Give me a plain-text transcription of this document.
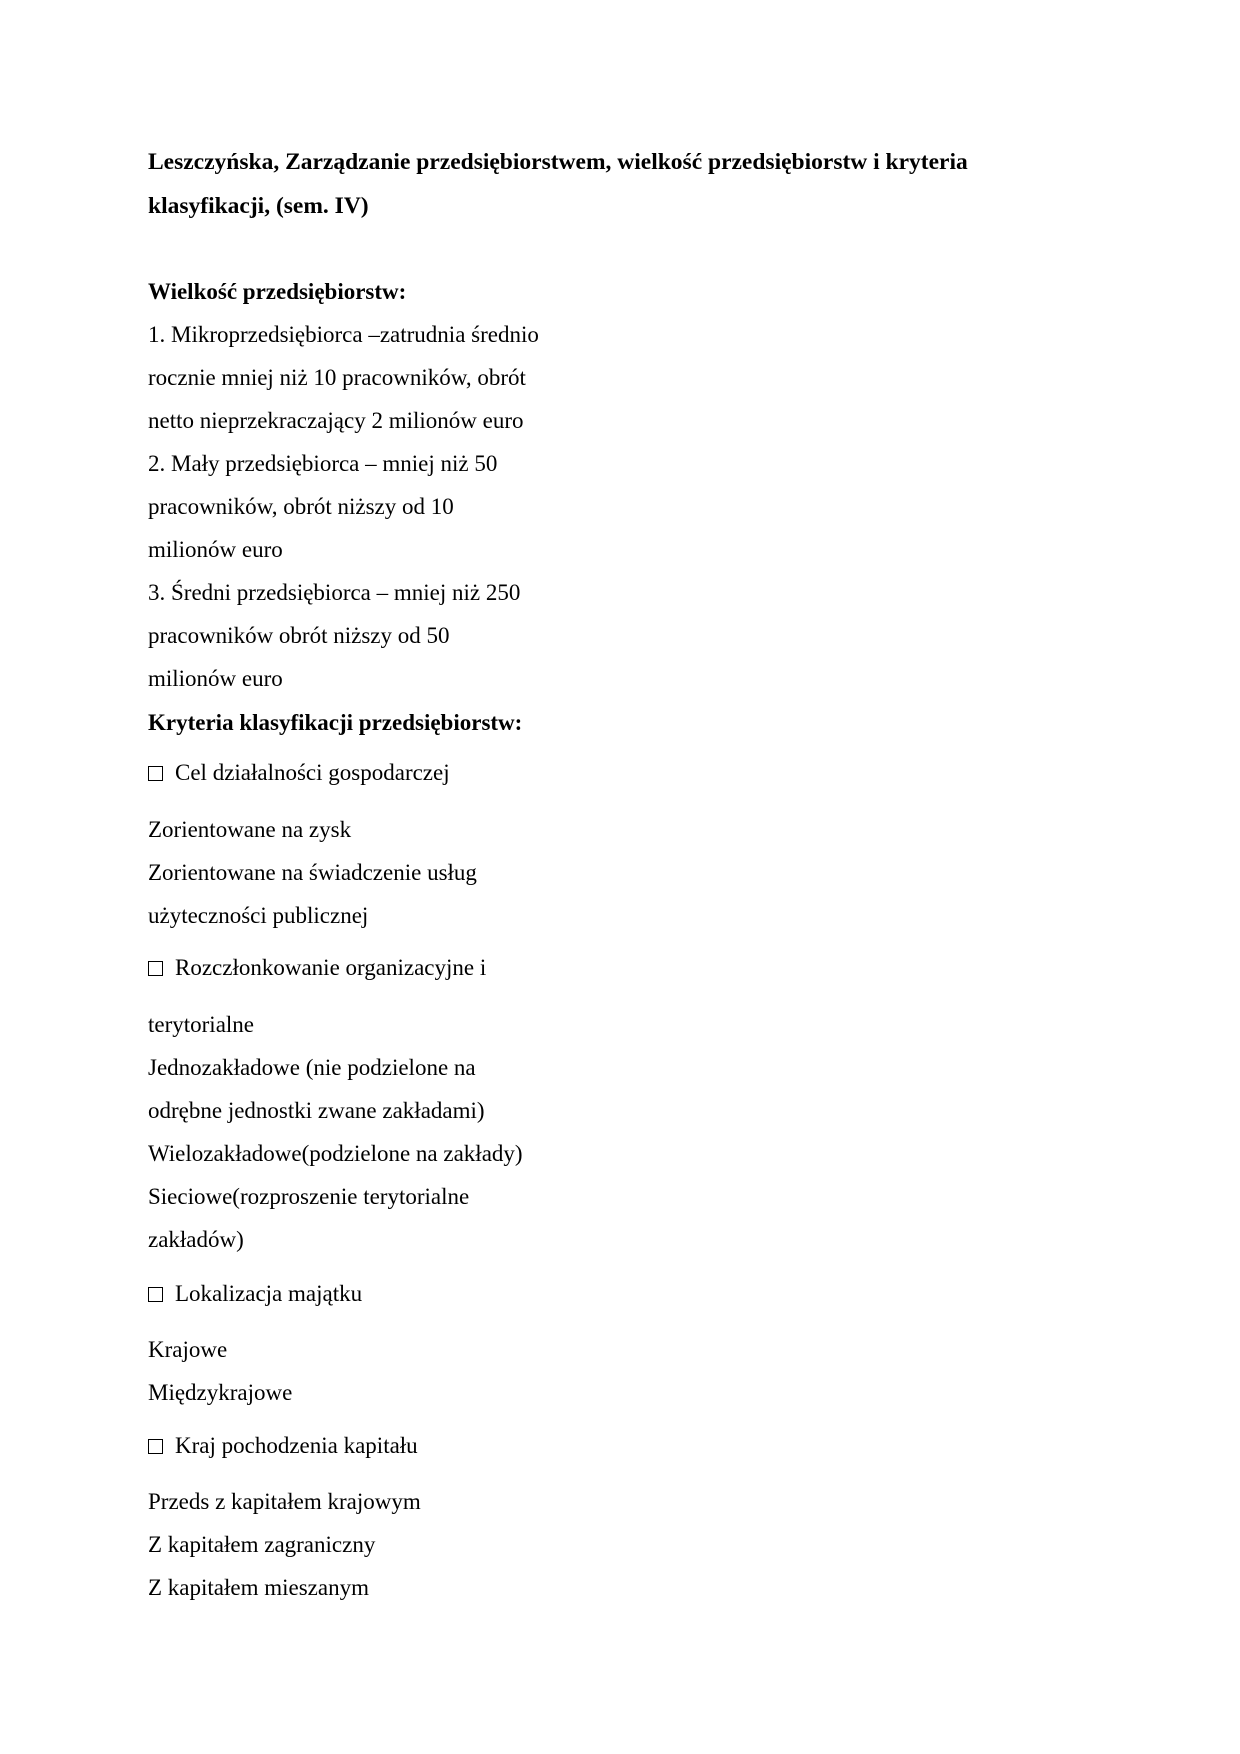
Leszczyńska, Zarządzanie przedsiębiorstwem, wielkość przedsiębiorstw i kryteria
klasyfikacji, (sem. IV)
Wielkość przedsiębiorstw:
1. Mikroprzedsiębiorca –zatrudnia średnio
rocznie mniej niż 10 pracowników, obrót
netto nieprzekraczający 2 milionów euro
2. Mały przedsiębiorca – mniej niż 50
pracowników, obrót niższy od 10
milionów euro
3. Średni przedsiębiorca – mniej niż 250
pracowników obrót niższy od 50
milionów euro
Kryteria klasyfikacji przedsiębiorstw:
Cel działalności gospodarczej
Zorientowane na zysk
Zorientowane na świadczenie usług
użyteczności publicznej
Rozczłonkowanie organizacyjne i
terytorialne
Jednozakładowe (nie podzielone na
odrębne jednostki zwane zakładami)
Wielozakładowe(podzielone na zakłady)
Sieciowe(rozproszenie terytorialne
zakładów)
Lokalizacja majątku
Krajowe
Międzykrajowe
Kraj pochodzenia kapitału
Przeds z kapitałem krajowym
Z kapitałem zagraniczny
Z kapitałem mieszanym
